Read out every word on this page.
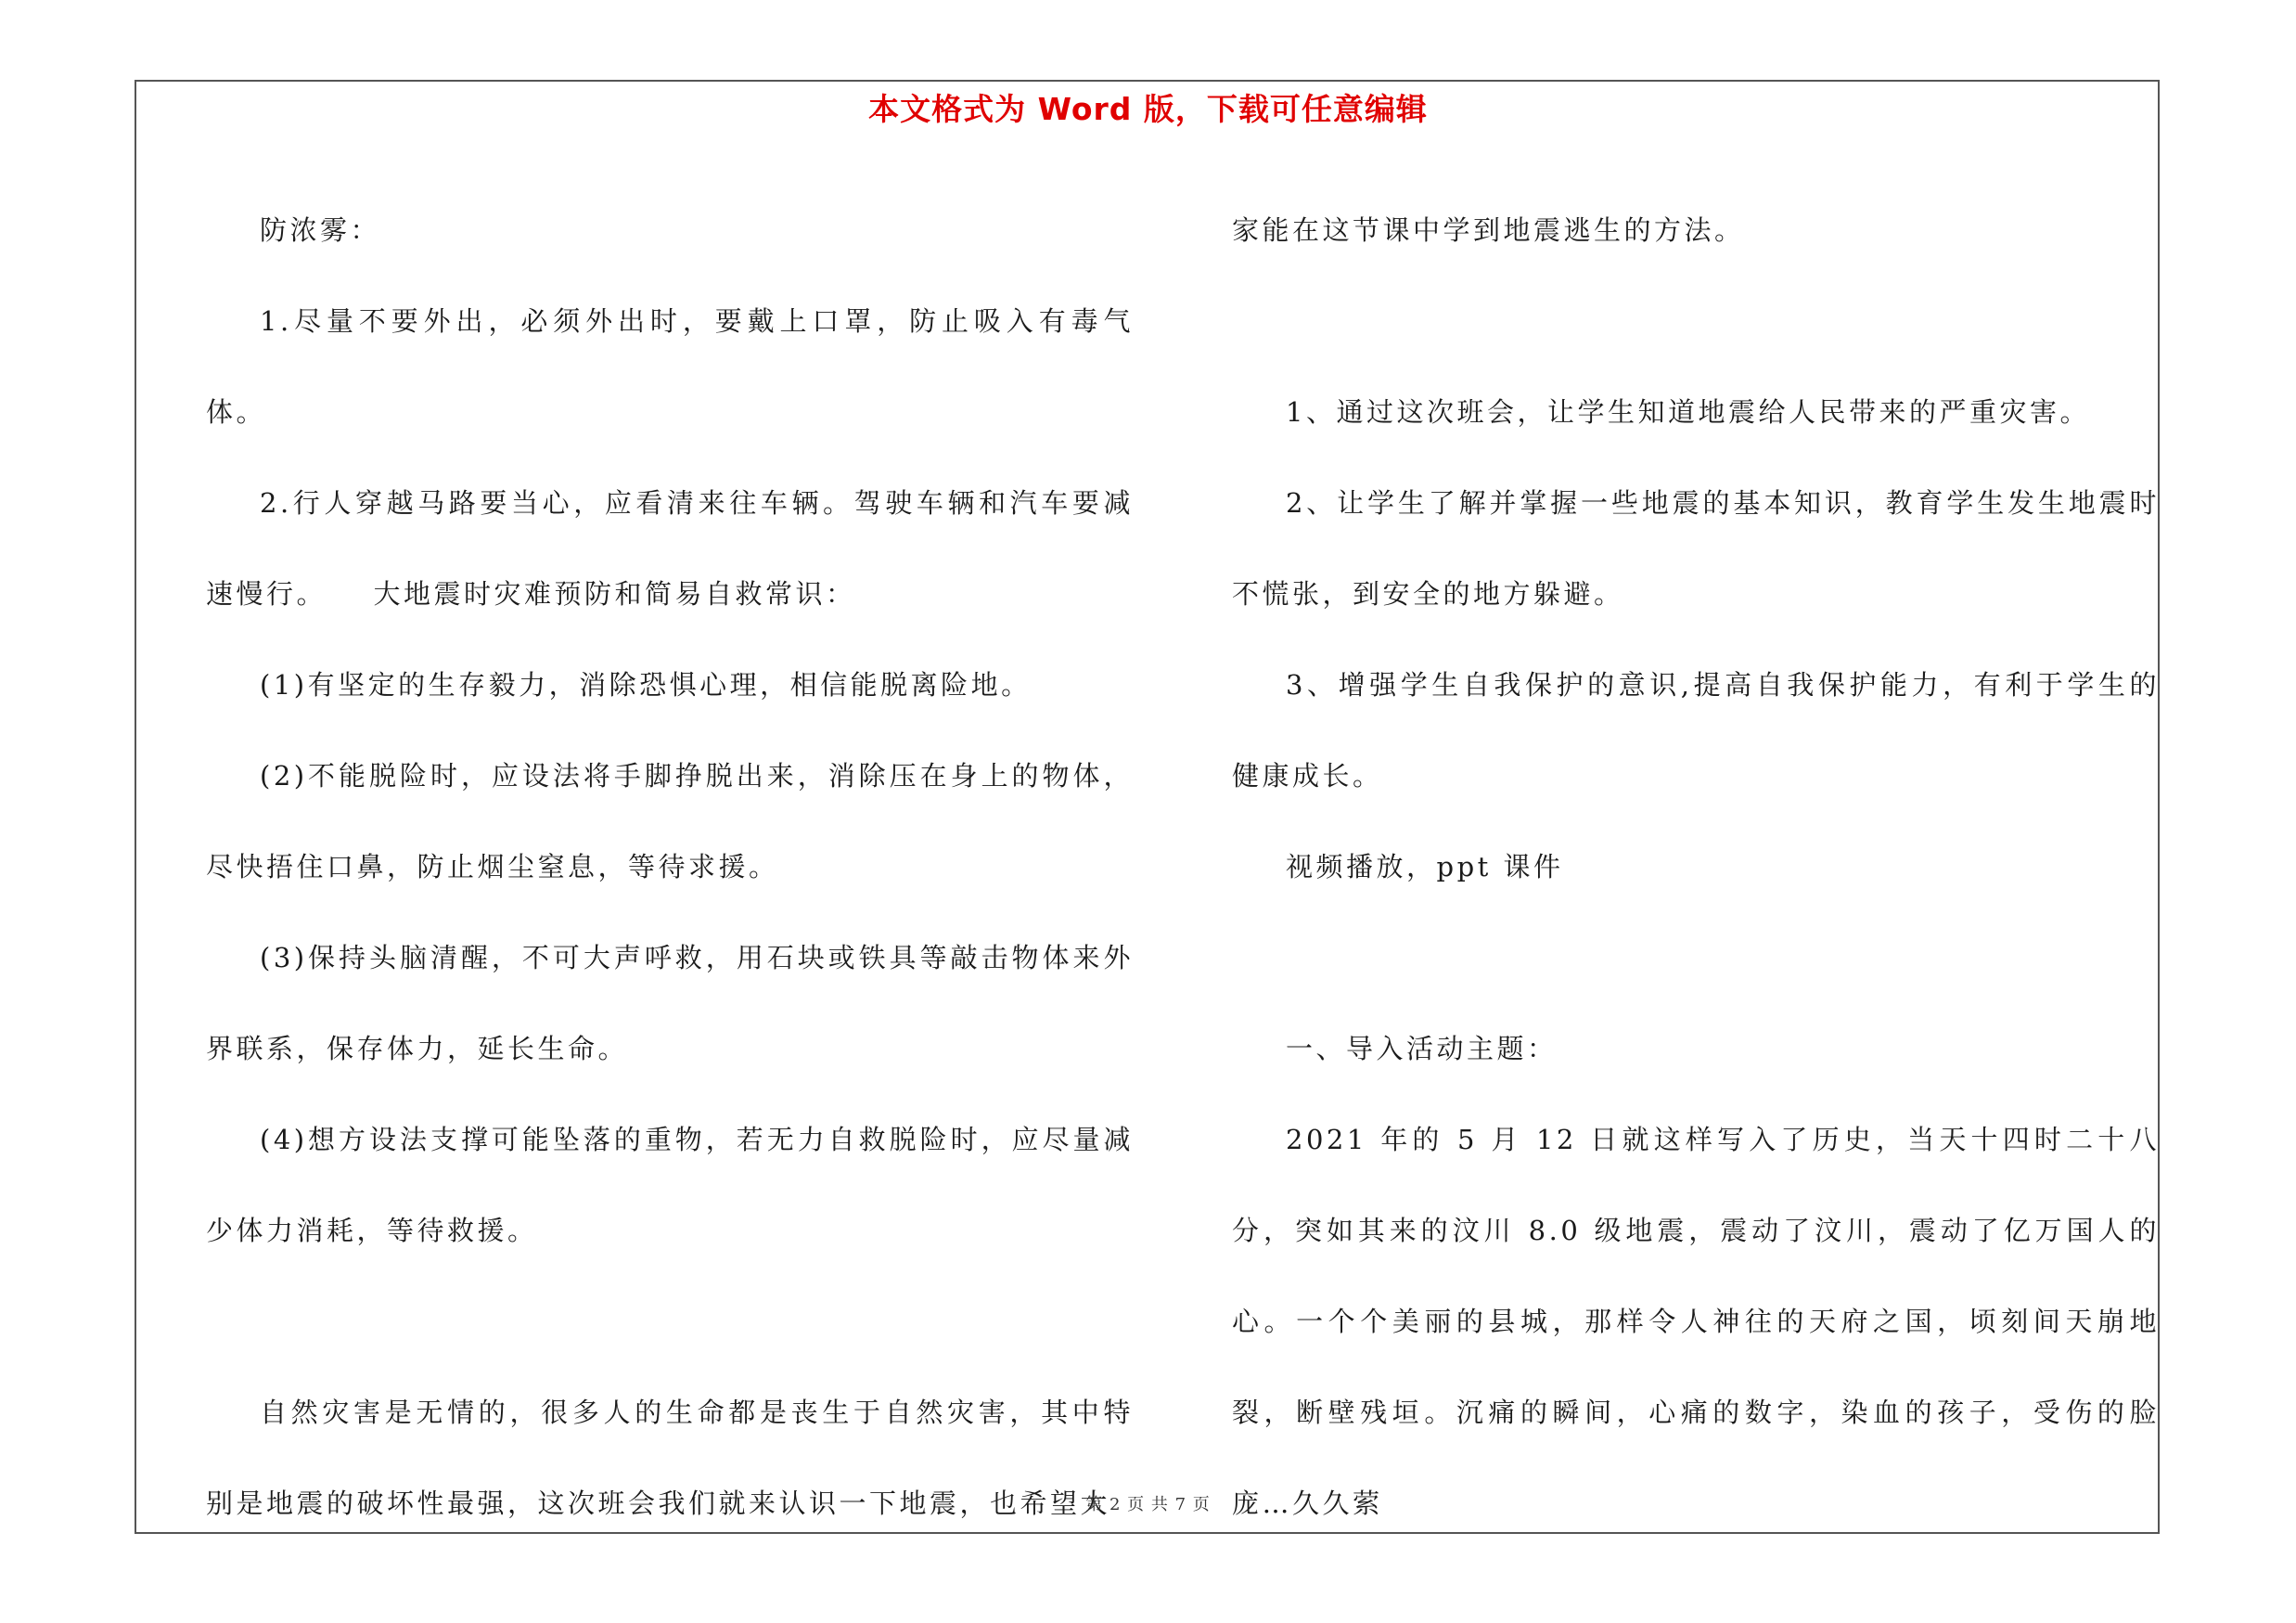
本文格式为 Word 版，下载可任意编辑

防浓雾：

1.尽量不要外出，必须外出时，要戴上口罩，防止吸入有毒气体。

2.行人穿越马路要当心，应看清来往车辆。驾驶车辆和汽车要减速慢行。　　大地震时灾难预防和简易自救常识：

(1)有坚定的生存毅力，消除恐惧心理，相信能脱离险地。

(2)不能脱险时，应设法将手脚挣脱出来，消除压在身上的物体，尽快捂住口鼻，防止烟尘窒息，等待求援。

(3)保持头脑清醒，不可大声呼救，用石块或铁具等敲击物体来外界联系，保存体力，延长生命。

(4)想方设法支撑可能坠落的重物，若无力自救脱险时，应尽量减少体力消耗，等待救援。

自然灾害是无情的，很多人的生命都是丧生于自然灾害，其中特别是地震的破坏性最强，这次班会我们就来认识一下地震，也希望大

家能在这节课中学到地震逃生的方法。

1、通过这次班会，让学生知道地震给人民带来的严重灾害。

2、让学生了解并掌握一些地震的基本知识，教育学生发生地震时不慌张，到安全的地方躲避。

3、增强学生自我保护的意识,提高自我保护能力，有利于学生的健康成长。

视频播放，ppt 课件

一、导入活动主题：

2021 年的 5 月 12 日就这样写入了历史，当天十四时二十八分，突如其来的汶川 8.0 级地震，震动了汶川，震动了亿万国人的心。一个个美丽的县城，那样令人神往的天府之国，顷刻间天崩地裂，断壁残垣。沉痛的瞬间，心痛的数字，染血的孩子，受伤的脸庞…久久萦

第 2 页 共 7 页
